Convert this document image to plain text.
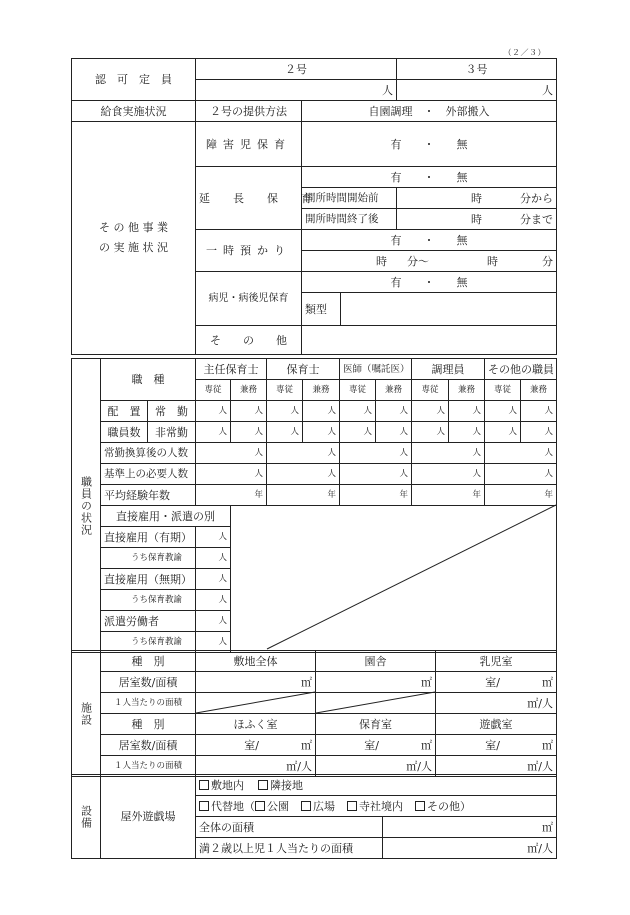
（２／３）
認　可　定　員	２号			３号
	人			人
給食実施状況	２号の提供方法	自園調理　・　外部搬入		

そ の 他 事 業
の 実 施 状 況	障害児保育	有　　・　　無		

	延　長　保　育	有　　・　　無		
		開所時間開始前		時 分から
		開所時間終了後		時 分まで
	一時預かり	有　　・　　無		
		時 分〜 時 分		
	病児・病後児保育	有　　・　　無		
		類型		

	そ　　の　　他			
職員の状況	職　種		主任保育士		保育士		医師（嘱託医）		調理員		その他の職員	
			専従	兼務	専従	兼務	専従	兼務	専従	兼務	専従	兼務
	配　置	常　勤	人	人	人	人	人	人	人	人	人	人
	職員数	非常勤	人	人	人	人	人	人	人	人	人	人
	常勤換算後の人数		人		人		人		人		人	
	基準上の必要人数		人		人		人		人		人	
	平均経験年数		年		年		年		年		年	
	直接雇用・派遣の別											
	直接雇用（有期）		人									
	うち保育教諭		人									
	直接雇用（無期）		人									
	うち保育教諭		人									
	派遣労働者		人									
	うち保育教諭		人									
施設	種　別	敷地全体	園舎	乳児室
	居室数/面積	㎡	㎡	室/ ㎡
	１人当たりの面積			㎡/人
	種　別	ほふく室	保育室	遊戯室
	居室数/面積	室/ ㎡	室/ ㎡	室/ ㎡
	１人当たりの面積	㎡/人	㎡/人	㎡/人
設備	屋外遊戯場	敷地内 隣接地	
		代替地（ 公園 広場 寺社境内 その他）	
		全体の面積	㎡
		満２歳以上児１人当たりの面積	㎡/人
